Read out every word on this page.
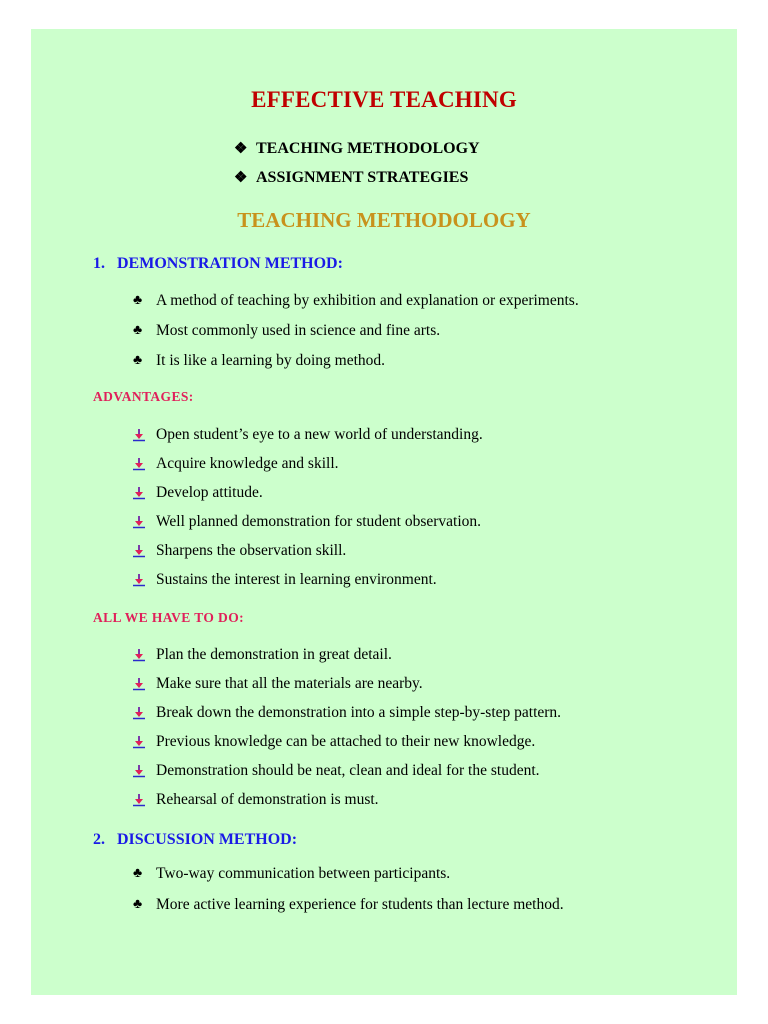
EFFECTIVE TEACHING
❖ TEACHING METHODOLOGY
❖ ASSIGNMENT STRATEGIES
TEACHING METHODOLOGY
1. DEMONSTRATION METHOD:
♣ A method of teaching by exhibition and explanation or experiments.
♣ Most commonly used in science and fine arts.
♣ It is like a learning by doing method.
ADVANTAGES:
Open student’s eye to a new world of understanding.
Acquire knowledge and skill.
Develop attitude.
Well planned demonstration for student observation.
Sharpens the observation skill.
Sustains the interest in learning environment.
ALL WE HAVE TO DO:
Plan the demonstration in great detail.
Make sure that all the materials are nearby.
Break down the demonstration into a simple step-by-step pattern.
Previous knowledge can be attached to their new knowledge.
Demonstration should be neat, clean and ideal for the student.
Rehearsal of demonstration is must.
2. DISCUSSION METHOD:
♣ Two-way communication between participants.
♣ More active learning experience for students than lecture method.
